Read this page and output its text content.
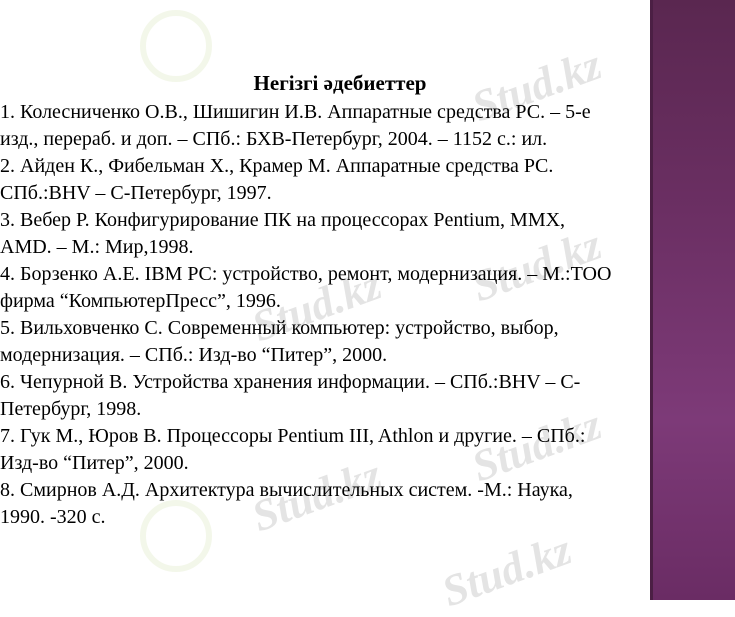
Stud.kz
Stud.kz
Stud.kz
Stud.kz
Stud.kz
Stud.kz
Негізгі әдебиеттер
1. Колесниченко О.В., Шишигин И.В. Аппаратные средства РС. – 5-е
изд., перераб. и доп. – СПб.: БХВ-Петербург, 2004. – 1152 с.: ил.
2. Айден К., Фибельман Х., Крамер М. Аппаратные средства PC.
СПб.:BHV – С-Петербург, 1997.
3. Вебер Р. Конфигурирование ПК на процессорах Pentium, MMX,
AMD. – М.: Мир,1998.
4. Борзенко А.Е. IBM PC: устройство, ремонт, модернизация. – М.:ТОО
фирма “КомпьютерПресс”, 1996.
5. Вильховченко С. Современный компьютер: устройство, выбор,
модернизация. – СПб.: Изд-во “Питер”, 2000.
6. Чепурной В. Устройства хранения информации. – СПб.:BHV – С-
Петербург, 1998.
7. Гук М., Юров В. Процессоры Pentium III, Athlon и другие. – СПб.:
Изд-во “Питер”, 2000.
8. Смирнов А.Д. Архитектура вычислительных систем. -М.: Наука,
1990. -320 с.
